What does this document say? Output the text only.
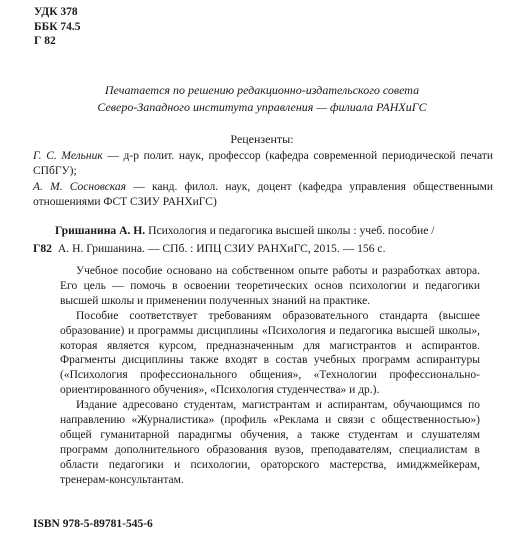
УДК 378
ББК 74.5
Г 82
Печатается по решению редакционно-издательского совета
Северо-Западного института управления — филиала РАНХиГС
Рецензенты:
Г. С. Мельник — д-р полит. наук, профессор (кафедра современной периодической печати СПбГУ);
А. М. Сосновская — канд. филол. наук, доцент (кафедра управления общественными отношениями ФСТ СЗИУ РАНХиГС)
Гришанина А. Н. Психология и педагогика высшей школы : учеб. пособие /
Г82 А. Н. Гришанина. — СПб. : ИПЦ СЗИУ РАНХиГС, 2015. — 156 с.

Учебное пособие основано на собственном опыте работы и разработках автора. Его цель — помочь в освоении теоретических основ психологии и педагогики высшей школы и применении полученных знаний на практике.

Пособие соответствует требованиям образовательного стандарта (высшее образование) и программы дисциплины «Психология и педагогика высшей школы», которая является курсом, предназначенным для магистрантов и аспирантов. Фрагменты дисциплины также входят в состав учебных программ аспирантуры («Психология профессионального общения», «Технологии профессионально-ориентированного обучения», «Психология студенчества» и др.).

Издание адресовано студентам, магистрантам и аспирантам, обучающимся по направлению «Журналистика» (профиль «Реклама и связи с общественностью») общей гуманитарной парадигмы обучения, а также студентам и слушателям программ дополнительного образования вузов, преподавателям, специалистам в области педагогики и психологии, ораторского мастерства, имиджмейкерам, тренерам-консультантам.

ISBN 978-5-89781-545-6
